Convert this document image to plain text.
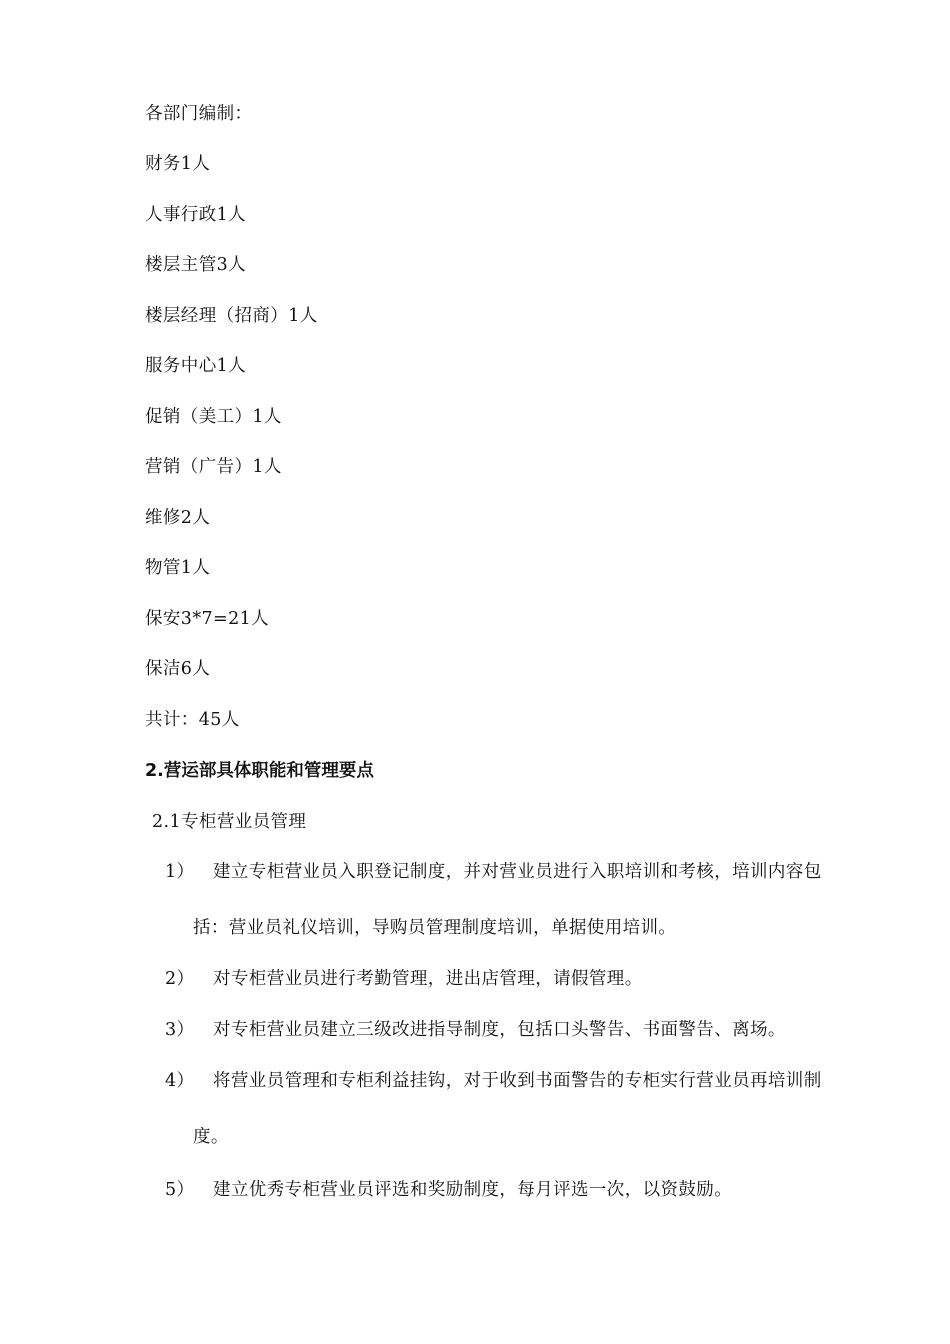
各部门编制：
财务1人
人事行政1人
楼层主管3人
楼层经理（招商）1人
服务中心1人
促销（美工）1人
营销（广告）1人
维修2人
物管1人
保安3*7=21人
保洁6人
共计：45人
2.营运部具体职能和管理要点
2.1专柜营业员管理
1）	建立专柜营业员入职登记制度，并对营业员进行入职培训和考核，培训内容包
括：营业员礼仪培训，导购员管理制度培训，单据使用培训。
2）	对专柜营业员进行考勤管理，进出店管理，请假管理。
3）	对专柜营业员建立三级改进指导制度，包括口头警告、书面警告、离场。
4）	将营业员管理和专柜利益挂钩，对于收到书面警告的专柜实行营业员再培训制
度。
5）	建立优秀专柜营业员评选和奖励制度，每月评选一次，以资鼓励。
